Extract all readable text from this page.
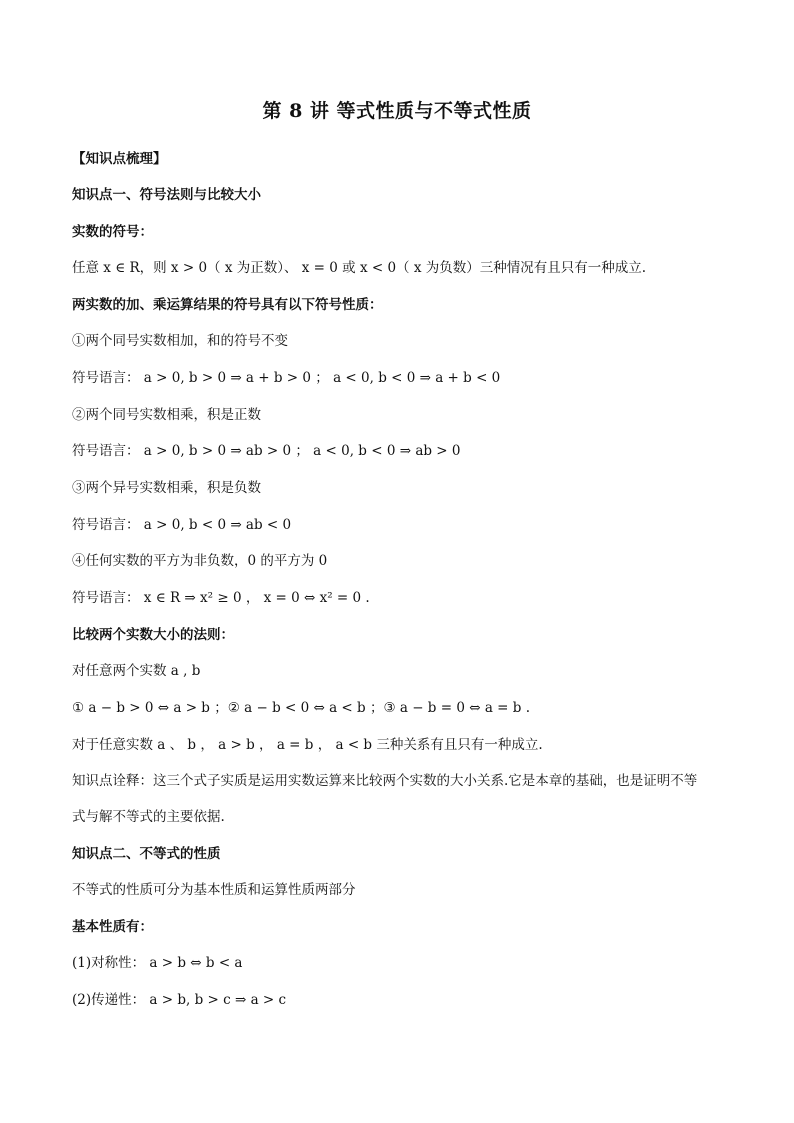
第 8 讲 等式性质与不等式性质
【知识点梳理】
知识点一、符号法则与比较大小
实数的符号：
任意 x ∈ R，则 x > 0（ x 为正数）、 x = 0 或 x < 0（ x 为负数）三种情况有且只有一种成立.
两实数的加、乘运算结果的符号具有以下符号性质：
①两个同号实数相加，和的符号不变
符号语言： a > 0, b > 0 ⇒ a + b > 0 ； a < 0, b < 0 ⇒ a + b < 0
②两个同号实数相乘，积是正数
符号语言： a > 0, b > 0 ⇒ ab > 0 ； a < 0, b < 0 ⇒ ab > 0
③两个异号实数相乘，积是负数
符号语言： a > 0, b < 0 ⇒ ab < 0
④任何实数的平方为非负数，0 的平方为 0
符号语言： x ∈ R ⇒ x² ≥ 0 ， x = 0 ⇔ x² = 0 .
比较两个实数大小的法则：
对任意两个实数 a , b
① a − b > 0 ⇔ a > b ；② a − b < 0 ⇔ a < b ；③ a − b = 0 ⇔ a = b .
对于任意实数 a 、 b ， a > b ， a = b ， a < b 三种关系有且只有一种成立.
知识点诠释：这三个式子实质是运用实数运算来比较两个实数的大小关系.它是本章的基础，也是证明不等
式与解不等式的主要依据.
知识点二、不等式的性质
不等式的性质可分为基本性质和运算性质两部分
基本性质有：
(1)对称性： a > b ⇔ b < a
(2)传递性： a > b, b > c ⇒ a > c
